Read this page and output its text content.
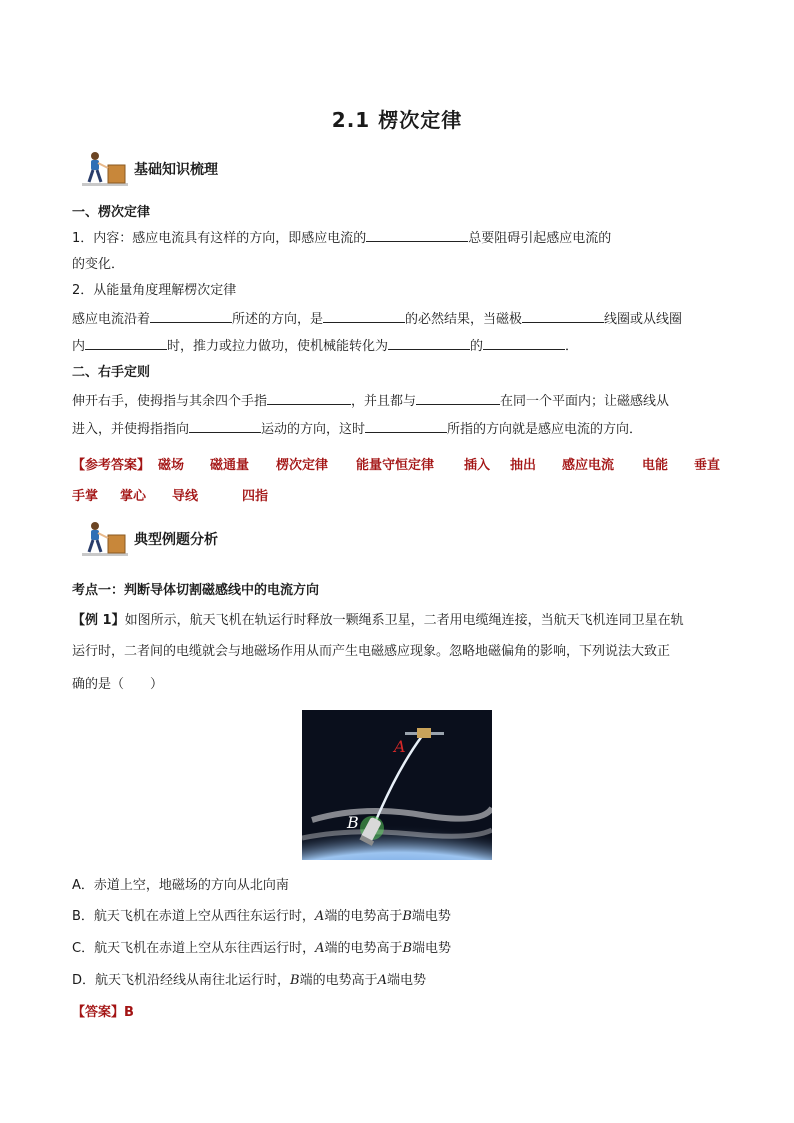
2.1 楞次定律
基础知识梳理
一、楞次定律
1．内容：感应电流具有这样的方向，即感应电流的	总要阻碍引起感应电流的
的变化．
2．从能量角度理解楞次定律
感应电流沿着	所述的方向，是	的必然结果，当磁极	线圈或从线圈
内	时，推力或拉力做功，使机械能转化为	的	．
二、右手定则
伸开右手，使拇指与其余四个手指	，并且都与	在同一个平面内；让磁感线从
进入，并使拇指指向	运动的方向，这时	所指的方向就是感应电流的方向．
【参考答案】 磁场 磁通量 楞次定律 能量守恒定律 插入 抽出 感应电流 电能 垂直
手掌 掌心 导线	四指
典型例题分析
考点一：判断导体切割磁感线中的电流方向
【例 1】如图所示，航天飞机在轨运行时释放一颗绳系卫星，二者用电缆绳连接，当航天飞机连同卫星在轨
运行时，二者间的电缆就会与地磁场作用从而产生电磁感应现象。忽略地磁偏角的影响，下列说法大致正
确的是（　　）
A
B
A．赤道上空，地磁场的方向从北向南
B．航天飞机在赤道上空从西往东运行时，A端的电势高于B端电势
C．航天飞机在赤道上空从东往西运行时，A端的电势高于B端电势
D．航天飞机沿经线从南往北运行时，B端的电势高于A端电势
【答案】B
